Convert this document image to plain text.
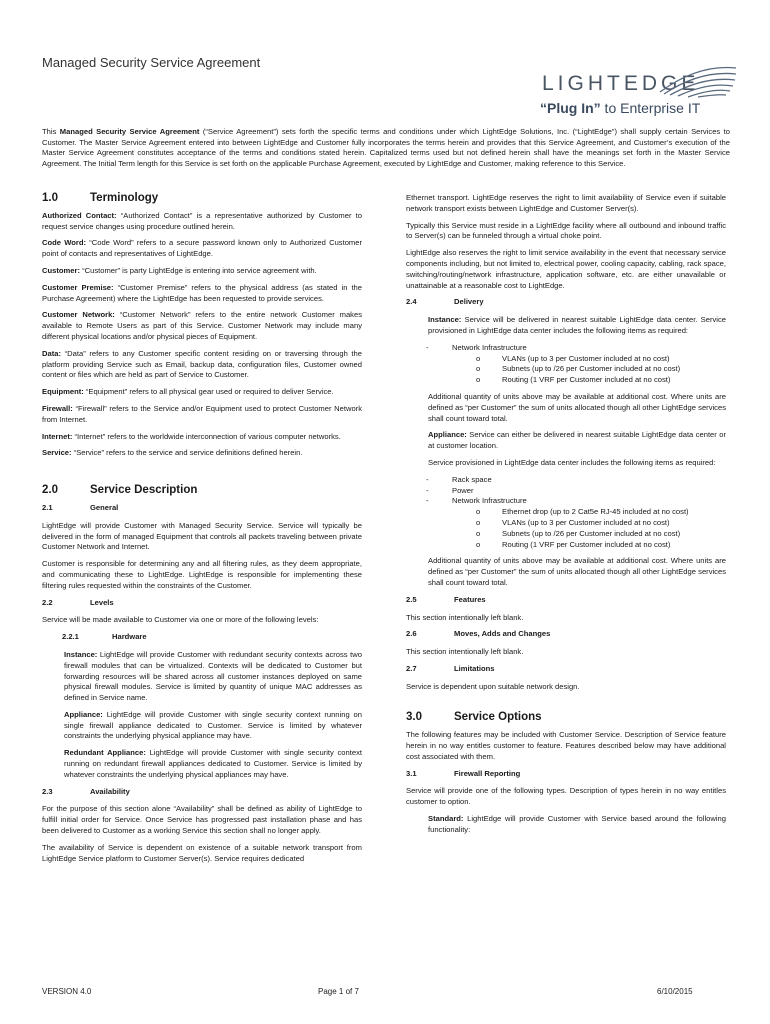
Managed Security Service Agreement
LIGHTEDGE
“Plug In” to Enterprise IT
This Managed Security Service Agreement (“Service Agreement”) sets forth the specific terms and conditions under which LightEdge Solutions, Inc. (“LightEdge”) shall supply certain Services to Customer. The Master Service Agreement entered into between LightEdge and Customer fully incorporates the terms herein and provides that this Service Agreement, and Customer’s execution of the Master Service Agreement constitutes acceptance of the terms and conditions stated herein. Capitalized terms used but not defined herein shall have the meanings set forth in the Master Service Agreement. The Initial Term length for this Service is set forth on the applicable Purchase Agreement, executed by LightEdge and Customer, making reference to this Service.
1.0	Terminology

Authorized Contact: “Authorized Contact” is a representative authorized by Customer to request service changes using procedure outlined herein.

Code Word: “Code Word” refers to a secure password known only to Authorized Customer point of contacts and representatives of LightEdge.

Customer: “Customer” is party LightEdge is entering into service agreement with.

Customer Premise: “Customer Premise” refers to the physical address (as stated in the Purchase Agreement) where the LightEdge has been requested to provide services.

Customer Network: “Customer Network” refers to the entire network Customer makes available to Remote Users as part of this Service. Customer Network may include many different physical locations and/or physical pieces of Equipment.

Data: “Data” refers to any Customer specific content residing on or traversing through the platform providing Service such as Email, backup data, configuration files, Customer owned content or files which are held as part of Service to Customer.

Equipment: “Equipment” refers to all physical gear used or required to deliver Service.

Firewall: “Firewall” refers to the Service and/or Equipment used to protect Customer Network from Internet.

Internet: “Internet” refers to the worldwide interconnection of various computer networks.

Service: “Service” refers to the service and service definitions defined herein.

2.0	Service Description
2.1	General

LightEdge will provide Customer with Managed Security Service. Service will typically be delivered in the form of managed Equipment that controls all packets traveling between private Customer Network and Internet.

Customer is responsible for determining any and all filtering rules, as they deem appropriate, and communicating these to LightEdge. LightEdge is responsible for implementing these filtering rules requested within the constraints of the Customer.

2.2	Levels

Service will be made available to Customer via one or more of the following levels:

2.2.1	Hardware

Instance: LightEdge will provide Customer with redundant security contexts across two firewall modules that can be virtualized. Contexts will be dedicated to Customer but forwarding resources will be shared across all customer instances deployed on same physical firewall modules. Service is limited by quantity of unique MAC addresses as defined in Service name.

Appliance: LightEdge will provide Customer with single security context running on single firewall appliance dedicated to Customer. Service is limited by whatever constraints the underlying physical appliance may have.

Redundant Appliance: LightEdge will provide Customer with single security context running on redundant firewall appliances dedicated to Customer. Service is limited by whatever constraints the underlying physical appliances may have.

2.3	Availability

For the purpose of this section alone “Availability” shall be defined as ability of LightEdge to fulfill initial order for Service. Once Service has progressed past installation phase and has been delivered to Customer as a working Service this section shall no longer apply.

The availability of Service is dependent on existence of a suitable network transport from LightEdge Service platform to Customer Server(s). Service requires dedicated

Ethernet transport. LightEdge reserves the right to limit availability of Service even if suitable network transport exists between LightEdge and Customer Server(s).

Typically this Service must reside in a LightEdge facility where all outbound and inbound traffic to Server(s) can be funneled through a virtual choke point.

LightEdge also reserves the right to limit service availability in the event that necessary service components including, but not limited to, electrical power, cooling capacity, cabling, rack space, switching/routing/network infrastructure, application software, etc. are either unavailable or unattainable at a reasonable cost to LightEdge.

2.4	Delivery

Instance: Service will be delivered in nearest suitable LightEdge data center. Service provisioned in LightEdge data center includes the following items as required:

- Network Infrastructure
o VLANs (up to 3 per Customer included at no cost)
o Subnets (up to /26 per Customer included at no cost)
o Routing (1 VRF per Customer included at no cost)

Additional quantity of units above may be available at additional cost. Where units are defined as “per Customer” the sum of units allocated though all other LightEdge services shall count toward total.

Appliance: Service can either be delivered in nearest suitable LightEdge data center or at customer location.

Service provisioned in LightEdge data center includes the following items as required:

- Rack space
- Power
- Network Infrastructure
o Ethernet drop (up to 2 Cat5e RJ-45 included at no cost)
o VLANs (up to 3 per Customer included at no cost)
o Subnets (up to /26 per Customer included at no cost)
o Routing (1 VRF per Customer included at no cost)

Additional quantity of units above may be available at additional cost. Where units are defined as “per Customer” the sum of units allocated though all other LightEdge services shall count toward total.

2.5	Features

This section intentionally left blank.

2.6	Moves, Adds and Changes

This section intentionally left blank.

2.7	Limitations

Service is dependent upon suitable network design.

3.0	Service Options

The following features may be included with Customer Service. Description of Service feature herein in no way entitles customer to feature. Features described below may have additional cost associated with them.

3.1	Firewall Reporting

Service will provide one of the following types. Description of types herein in no way entitles customer to option.

Standard: LightEdge will provide Customer with Service based around the following functionality:

VERSION 4.0	Page 1 of 7	6/10/2015
